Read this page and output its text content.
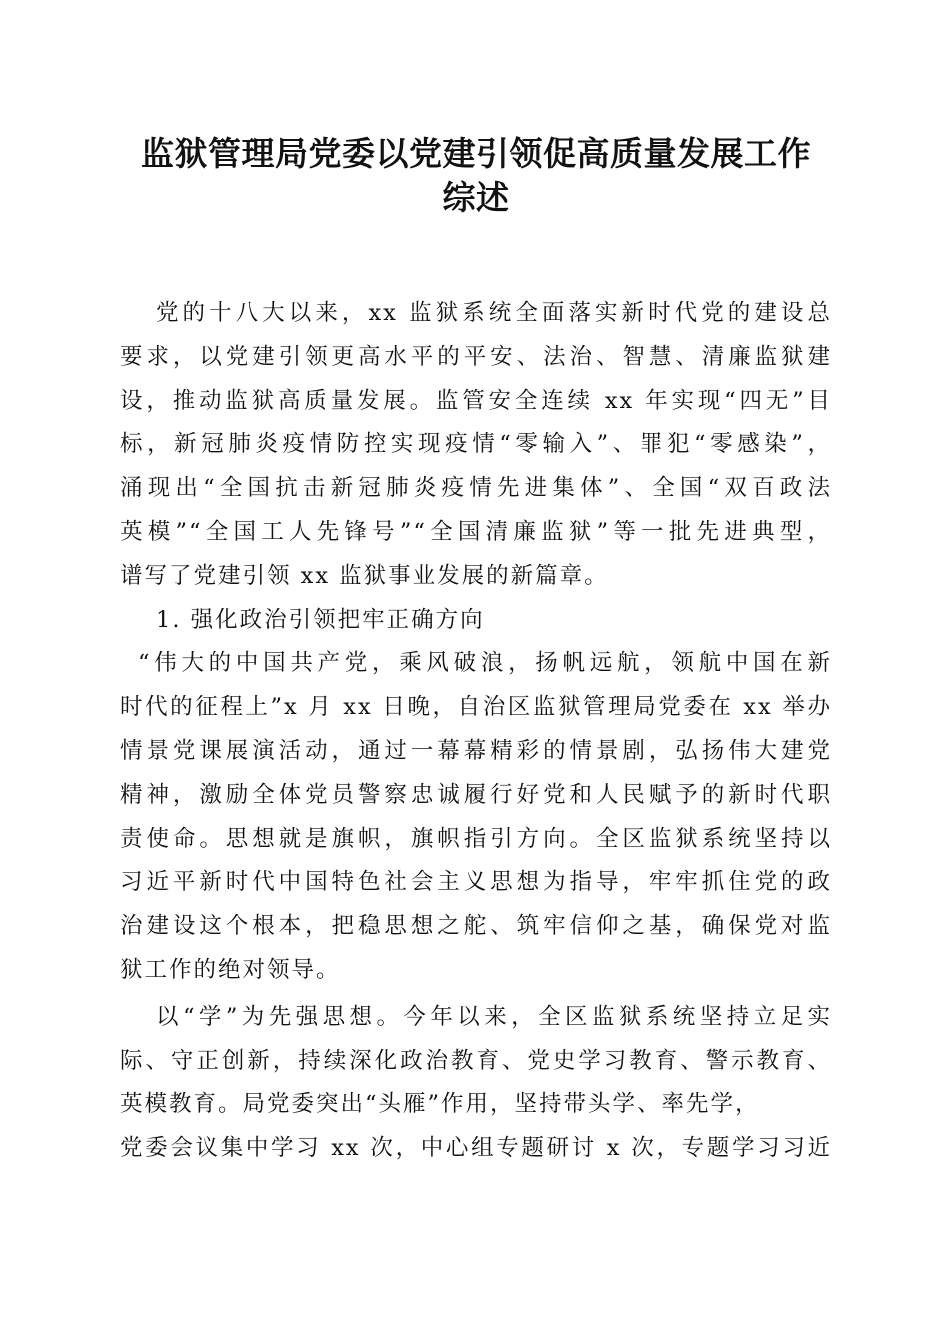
监狱管理局党委以党建引领促高质量发展工作
综述
党的十八大以来，xx 监狱系统全面落实新时代党的建设总
要求，以党建引领更高水平的平安、法治、智慧、清廉监狱建
设，推动监狱高质量发展。监管安全连续 xx 年实现“四无”目
标，新冠肺炎疫情防控实现疫情“零输入”、罪犯“零感染”，
涌现出“全国抗击新冠肺炎疫情先进集体”、全国“双百政法
英模”“全国工人先锋号”“全国清廉监狱”等一批先进典型，
谱写了党建引领 xx 监狱事业发展的新篇章。
1. 强化政治引领把牢正确方向
“伟大的中国共产党，乘风破浪，扬帆远航，领航中国在新
时代的征程上”x 月 xx 日晚，自治区监狱管理局党委在 xx 举办
情景党课展演活动，通过一幕幕精彩的情景剧，弘扬伟大建党
精神，激励全体党员警察忠诚履行好党和人民赋予的新时代职
责使命。思想就是旗帜，旗帜指引方向。全区监狱系统坚持以
习近平新时代中国特色社会主义思想为指导，牢牢抓住党的政
治建设这个根本，把稳思想之舵、筑牢信仰之基，确保党对监
狱工作的绝对领导。
以“学”为先强思想。今年以来，全区监狱系统坚持立足实
际、守正创新，持续深化政治教育、党史学习教育、警示教育、
英模教育。局党委突出“头雁”作用，坚持带头学、率先学，
党委会议集中学习 xx 次，中心组专题研讨 x 次，专题学习习近
